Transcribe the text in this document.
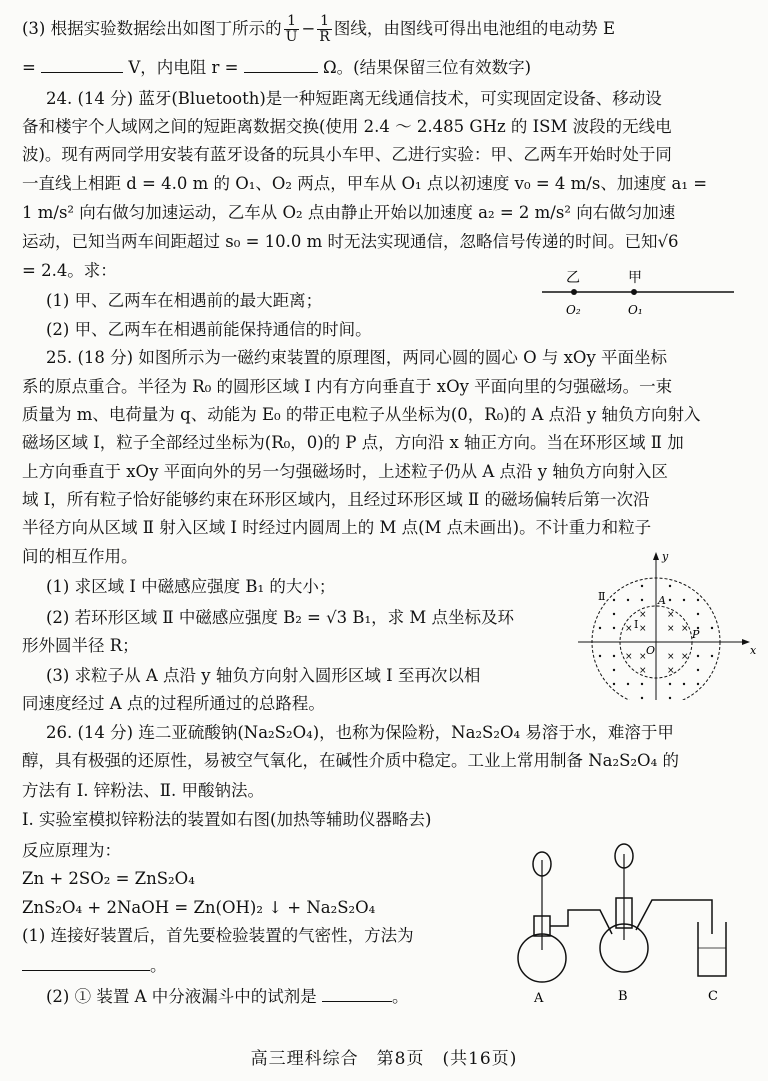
(3) 根据实验数据绘出如图丁所示的 $\frac{1}{U} - \frac{1}{R}$ 图线，由图线可得出电池组的电动势 E
=	V，内电阻 r =	Ω。(结果保留三位有效数字)
24. (14 分) 蓝牙(Bluetooth)是一种短距离无线通信技术，可实现固定设备、移动设
备和楼宇个人域网之间的短距离数据交换(使用 2.4 ～ 2.485 GHz 的 ISM 波段的无线电
波)。现有两同学用安装有蓝牙设备的玩具小车甲、乙进行实验：甲、乙两车开始时处于同
一直线上相距 d = 4.0 m 的 O₁、O₂ 两点，甲车从 O₁ 点以初速度 v₀ = 4 m/s、加速度 a₁ =
1 m/s² 向右做匀加速运动，乙车从 O₂ 点由静止开始以加速度 a₂ = 2 m/s² 向右做匀加速
运动，已知当两车间距超过 s₀ = 10.0 m 时无法实现通信，忽略信号传递的时间。已知√6
= 2.4。求：
(1) 甲、乙两车在相遇前的最大距离；
(2) 甲、乙两车在相遇前能保持通信的时间。
乙	甲
O₂	O₁
25. (18 分) 如图所示为一磁约束装置的原理图，两同心圆的圆心 O 与 xOy 平面坐标
系的原点重合。半径为 R₀ 的圆形区域 Ⅰ 内有方向垂直于 xOy 平面向里的匀强磁场。一束
质量为 m、电荷量为 q、动能为 E₀ 的带正电粒子从坐标为(0，R₀)的 A 点沿 y 轴负方向射入
磁场区域 Ⅰ，粒子全部经过坐标为(R₀，0)的 P 点，方向沿 x 轴正方向。当在环形区域 Ⅱ 加
上方向垂直于 xOy 平面向外的另一匀强磁场时，上述粒子仍从 A 点沿 y 轴负方向射入区
域 Ⅰ，所有粒子恰好能够约束在环形区域内，且经过环形区域 Ⅱ 的磁场偏转后第一次沿
半径方向从区域 Ⅱ 射入区域 Ⅰ 时经过内圆周上的 M 点(M 点未画出)。不计重力和粒子
间的相互作用。
(1) 求区域 Ⅰ 中磁感应强度 B₁ 的大小；
(2) 若环形区域 Ⅱ 中磁感应强度 B₂ = √3 B₁，求 M 点坐标及环
形外圆半径 R；
(3) 求粒子从 A 点沿 y 轴负方向射入圆形区域 Ⅰ 至再次以相
同速度经过 A 点的过程所通过的总路程。
×
×
×
×
×
×
×
×
×
×
×
×
y
x
O
A
P
Ⅰ
Ⅱ
26. (14 分) 连二亚硫酸钠(Na₂S₂O₄)，也称为保险粉，Na₂S₂O₄ 易溶于水，难溶于甲
醇，具有极强的还原性，易被空气氧化，在碱性介质中稳定。工业上常用制备 Na₂S₂O₄ 的
方法有 Ⅰ. 锌粉法、Ⅱ. 甲酸钠法。
Ⅰ. 实验室模拟锌粉法的装置如右图(加热等辅助仪器略去)
反应原理为：
Zn + 2SO₂ = ZnS₂O₄
ZnS₂O₄ + 2NaOH = Zn(OH)₂ ↓ + Na₂S₂O₄
(1) 连接好装置后，首先要检验装置的气密性，方法为
。
(2) ① 装置 A 中分液漏斗中的试剂是	。	A	B	C
高三理科综合　第8页　(共16页)
